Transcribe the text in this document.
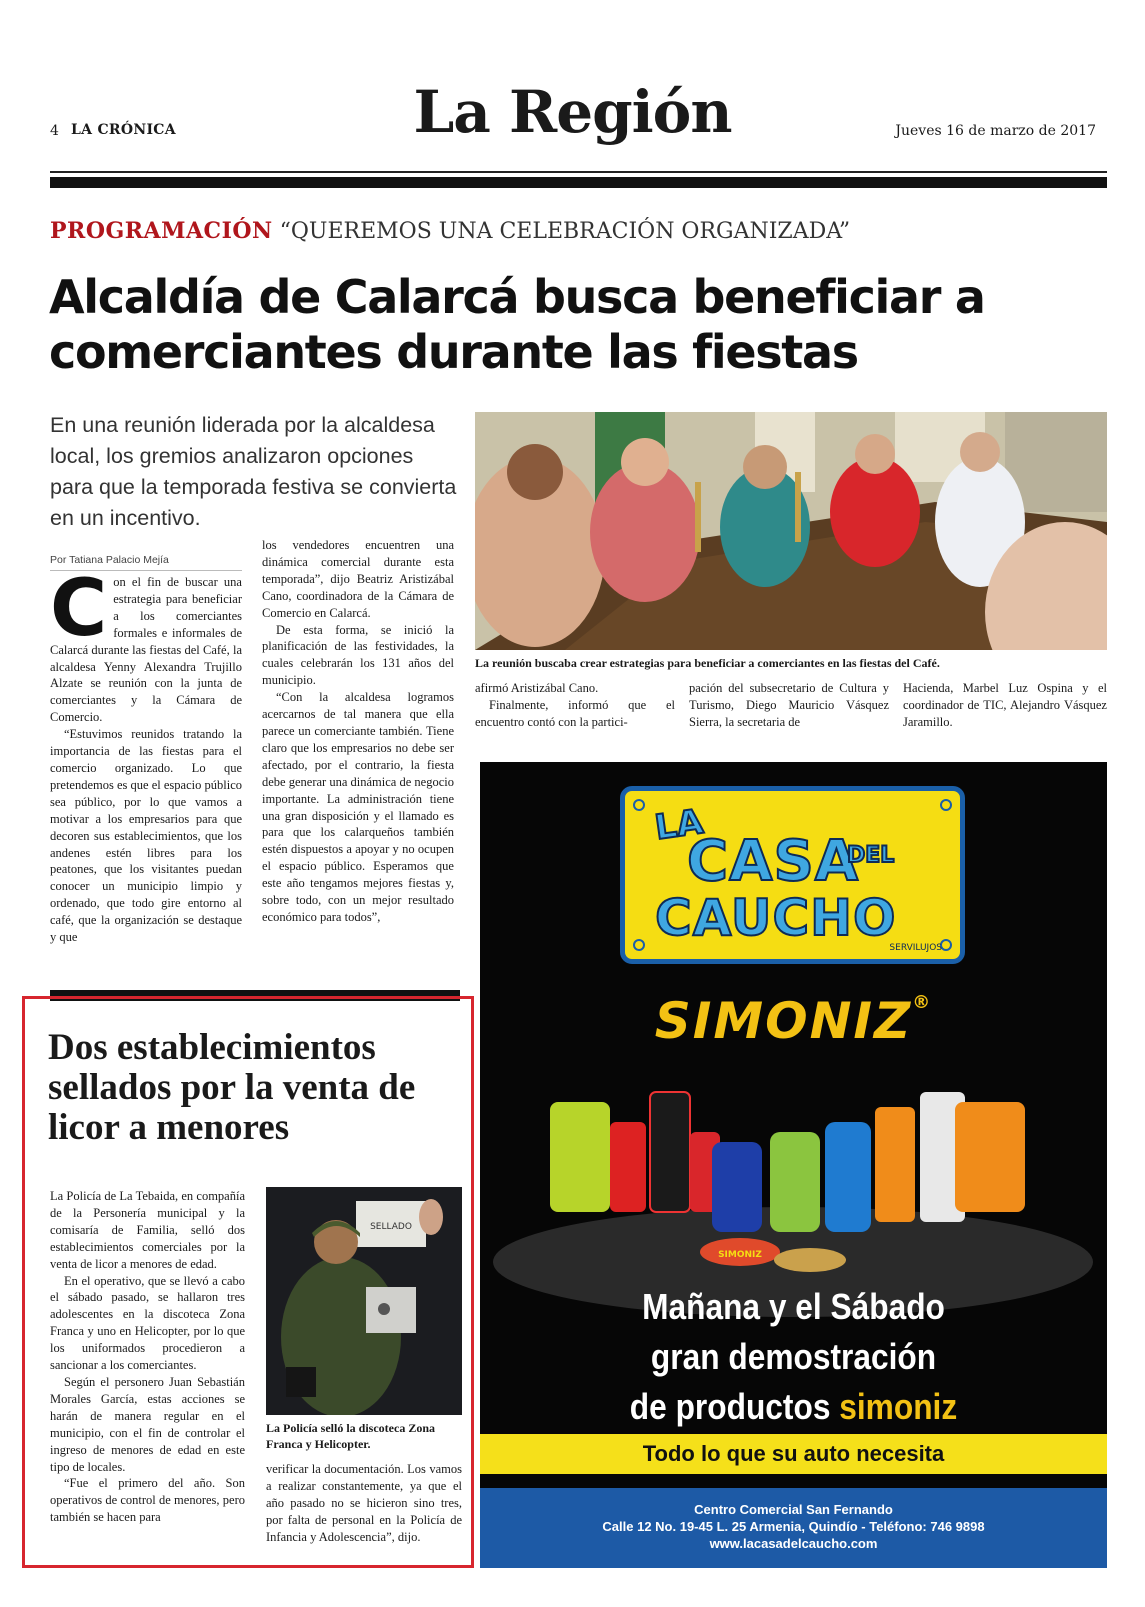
4 LA CRÓNICA	La Región	Jueves 16 de marzo de 2017
PROGRAMACIÓN “QUEREMOS UNA CELEBRACIÓN ORGANIZADA”
Alcaldía de Calarcá busca beneficiar a comerciantes durante las fiestas
En una reunión liderada por la alcaldesa local, los gremios analizaron opciones para que la temporada festiva se convierta en un incentivo.
Por Tatiana Palacio Mejía

Con el fin de buscar una estrategia para beneficiar a los comerciantes formales e informales de Calarcá durante las fiestas del Café, la alcaldesa Yenny Alexandra Trujillo Alzate se reunión con la junta de comerciantes y la Cámara de Comercio.

“Estuvimos reunidos tratando la importancia de las fiestas para el comercio organizado. Lo que pretendemos es que el espacio público sea público, por lo que vamos a motivar a los empresarios para que decoren sus establecimientos, que los andenes estén libres para los peatones, que los visitantes puedan conocer un municipio limpio y ordenado, que todo gire entorno al café, que la organización se destaque y que

los vendedores encuentren una dinámica comercial durante esta temporada”, dijo Beatriz Aristizábal Cano, coordinadora de la Cámara de Comercio en Calarcá.

De esta forma, se inició la planificación de las festividades, la cuales celebrarán los 131 años del municipio.

“Con la alcaldesa logramos acercarnos de tal manera que ella parece un comerciante también. Tiene claro que los empresarios no debe ser afectado, por el contrario, la fiesta debe generar una dinámica de negocio importante. La administración tiene una gran disposición y el llamado es para que los calarqueños también estén dispuestos a apoyar y no ocupen el espacio público. Esperamos que este año tengamos mejores fiestas y, sobre todo, con un mejor resultado económico para todos”,

La reunión buscaba crear estrategias para beneficiar a comerciantes en las fiestas del Café.

afirmó Aristizábal Cano.

Finalmente, informó que el encuentro contó con la partici-

pación del subsecretario de Cultura y Turismo, Diego Mauricio Vásquez Sierra, la secretaria de

Hacienda, Marbel Luz Ospina y el coordinador de TIC, Alejandro Vásquez Jaramillo.

Dos establecimientos sellados por la venta de licor a menores

La Policía de La Tebaida, en compañía de la Personería municipal y la comisaría de Familia, selló dos establecimientos comerciales por la venta de licor a menores de edad.

En el operativo, que se llevó a cabo el sábado pasado, se hallaron tres adolescentes en la discoteca Zona Franca y uno en Helicopter, por lo que los uniformados procedieron a sancionar a los comerciantes.

Según el personero Juan Sebastián Morales García, estas acciones se harán de manera regular en el municipio, con el fin de controlar el ingreso de menores de edad en este tipo de locales.

“Fue el primero del año. Son operativos de control de menores, pero también se hacen para

SELLADO
La Policía selló la discoteca Zona Franca y Helicopter.

verificar la documentación. Los vamos a realizar constantemente, ya que el año pasado no se hicieron sino tres, por falta de personal en la Policía de Infancia y Adolescencia”, dijo.

LA
CASA
DEL
CAUCHO
SERVILUJOS
SIMONIZ®
SIMONIZ
Mañana y el Sábado
gran demostración
de productos simoniz
Todo lo que su auto necesita
Centro Comercial San Fernando
Calle 12 No. 19-45 L. 25 Armenia, Quindío - Teléfono: 746 9898
www.lacasadelcaucho.com
